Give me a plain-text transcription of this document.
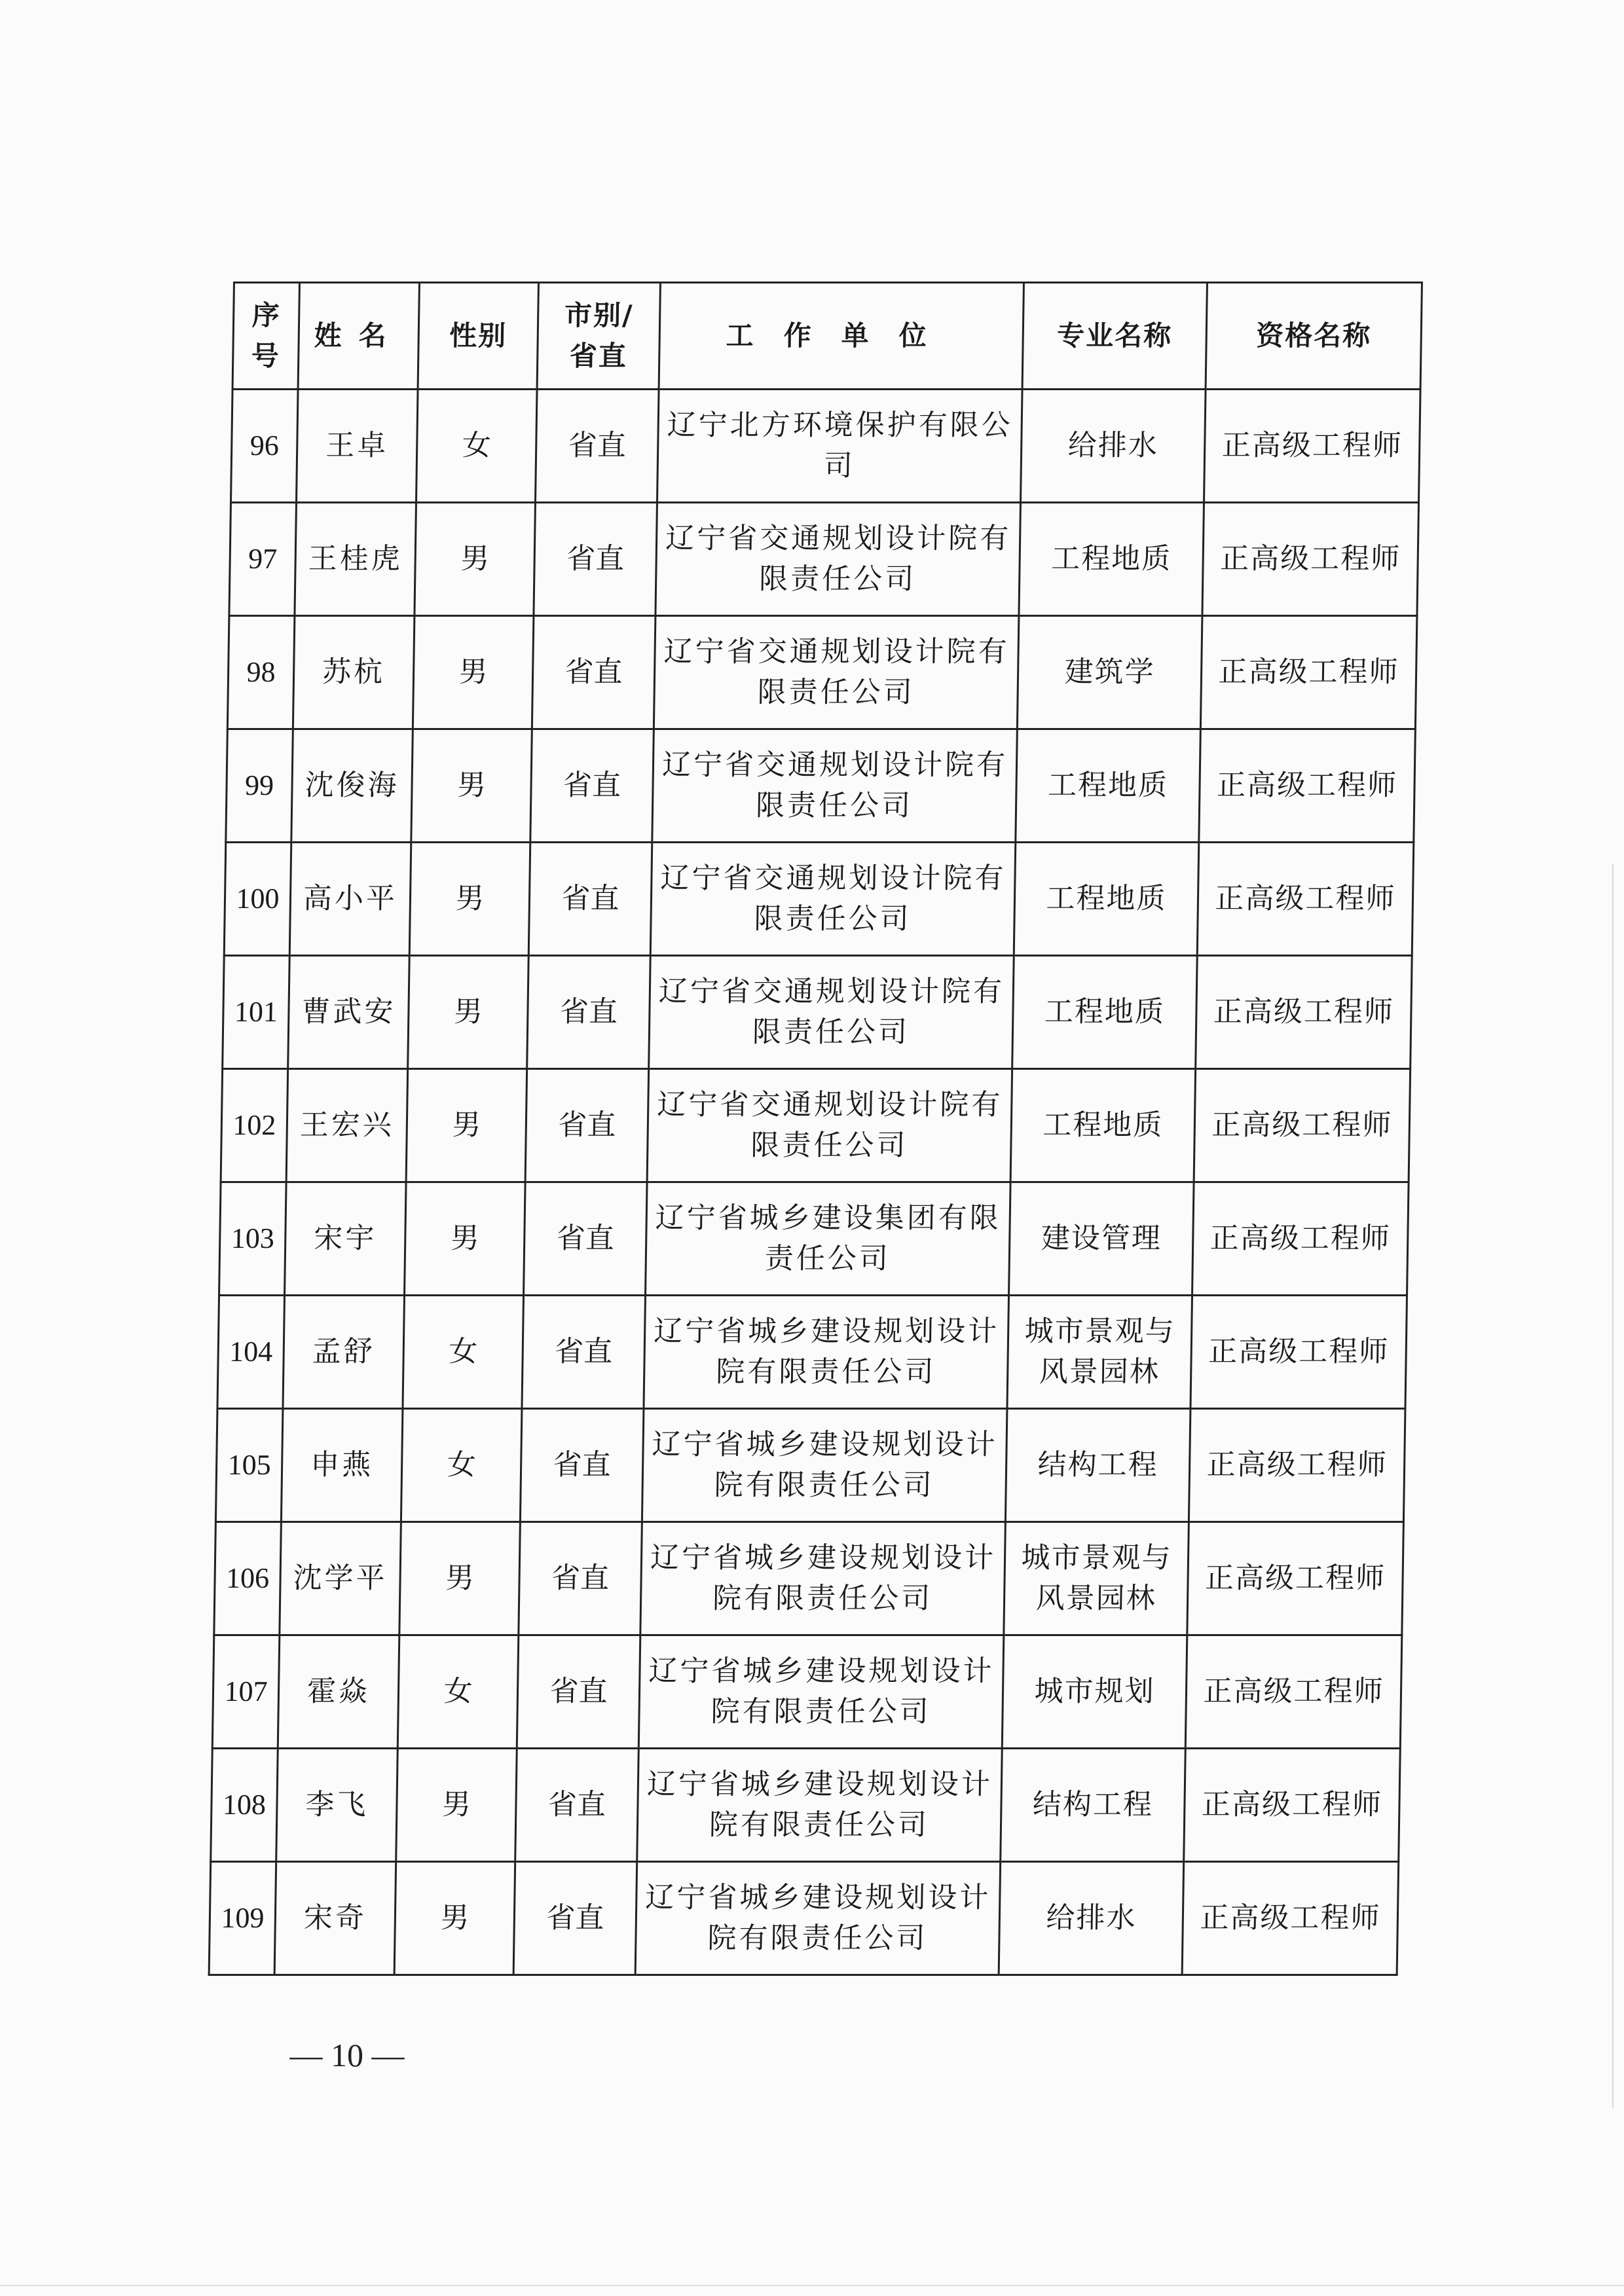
序号	姓名	性别	市别/省直	工作单位	专业名称	资格名称
96	王卓	女	省直	辽宁北方环境保护有限公司	给排水	正高级工程师
97	王桂虎	男	省直	辽宁省交通规划设计院有限责任公司	工程地质	正高级工程师
98	苏杭	男	省直	辽宁省交通规划设计院有限责任公司	建筑学	正高级工程师
99	沈俊海	男	省直	辽宁省交通规划设计院有限责任公司	工程地质	正高级工程师
100	高小平	男	省直	辽宁省交通规划设计院有限责任公司	工程地质	正高级工程师
101	曹武安	男	省直	辽宁省交通规划设计院有限责任公司	工程地质	正高级工程师
102	王宏兴	男	省直	辽宁省交通规划设计院有限责任公司	工程地质	正高级工程师
103	宋宇	男	省直	辽宁省城乡建设集团有限责任公司	建设管理	正高级工程师
104	孟舒	女	省直	辽宁省城乡建设规划设计院有限责任公司	城市景观与风景园林	正高级工程师
105	申燕	女	省直	辽宁省城乡建设规划设计院有限责任公司	结构工程	正高级工程师
106	沈学平	男	省直	辽宁省城乡建设规划设计院有限责任公司	城市景观与风景园林	正高级工程师
107	霍焱	女	省直	辽宁省城乡建设规划设计院有限责任公司	城市规划	正高级工程师
108	李飞	男	省直	辽宁省城乡建设规划设计院有限责任公司	结构工程	正高级工程师
109	宋奇	男	省直	辽宁省城乡建设规划设计院有限责任公司	给排水	正高级工程师
— 10 —
